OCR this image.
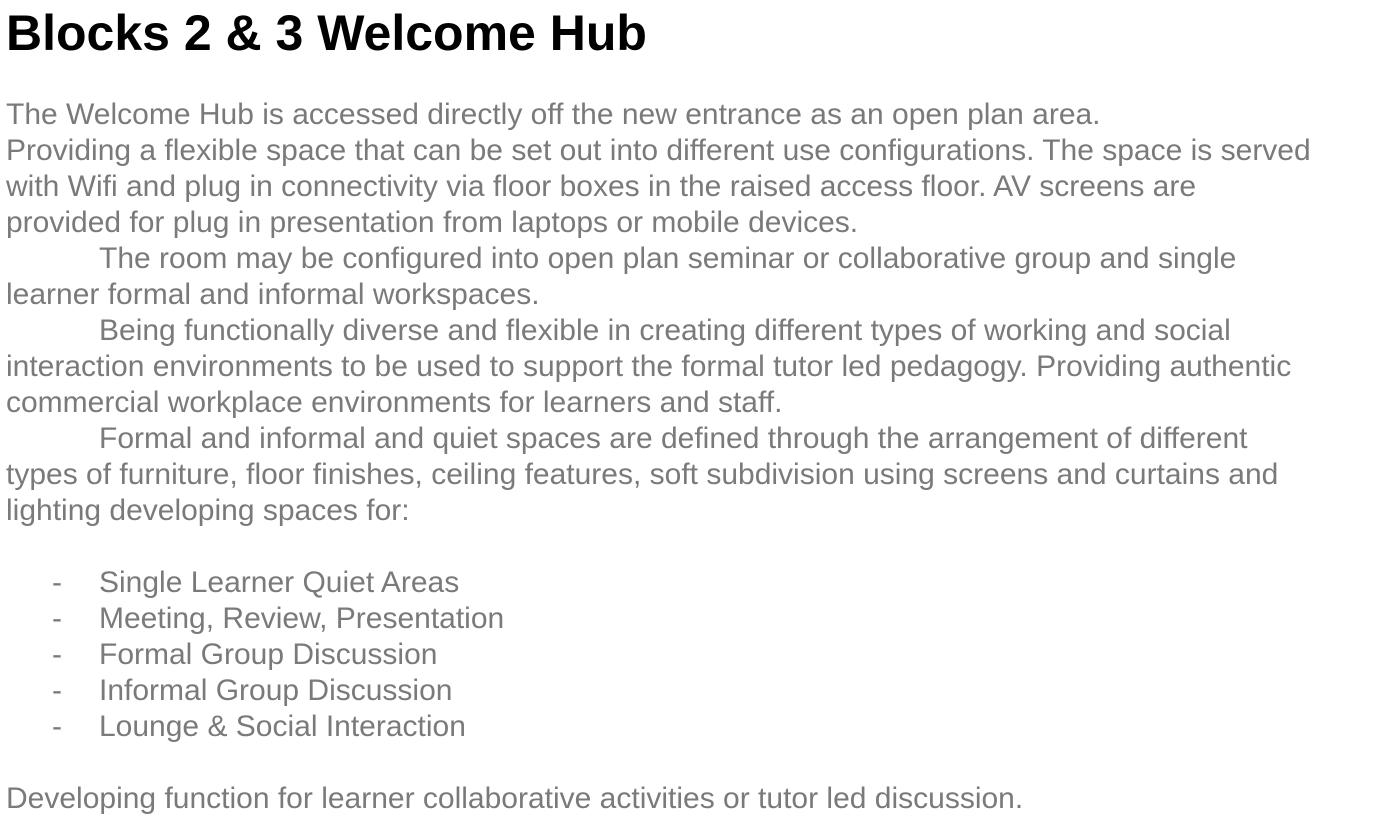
Blocks 2 & 3 Welcome Hub
The Welcome Hub is accessed directly off the new entrance as an open plan area.
Providing a flexible space that can be set out into different use configurations. The space is served
with Wifi and plug in connectivity via floor boxes in the raised access floor. AV screens are
provided for plug in presentation from laptops or mobile devices.
The room may be configured into open plan seminar or collaborative group and single
learner formal and informal workspaces.
Being functionally diverse and flexible in creating different types of working and social
interaction environments to be used to support the formal tutor led pedagogy. Providing authentic
commercial workplace environments for learners and staff.
Formal and informal and quiet spaces are defined through the arrangement of different
types of furniture, floor finishes, ceiling features, soft subdivision using screens and curtains and
lighting developing spaces for:
- Single Learner Quiet Areas
- Meeting, Review, Presentation
- Formal Group Discussion
- Informal Group Discussion
- Lounge & Social Interaction
Developing function for learner collaborative activities or tutor led discussion.
